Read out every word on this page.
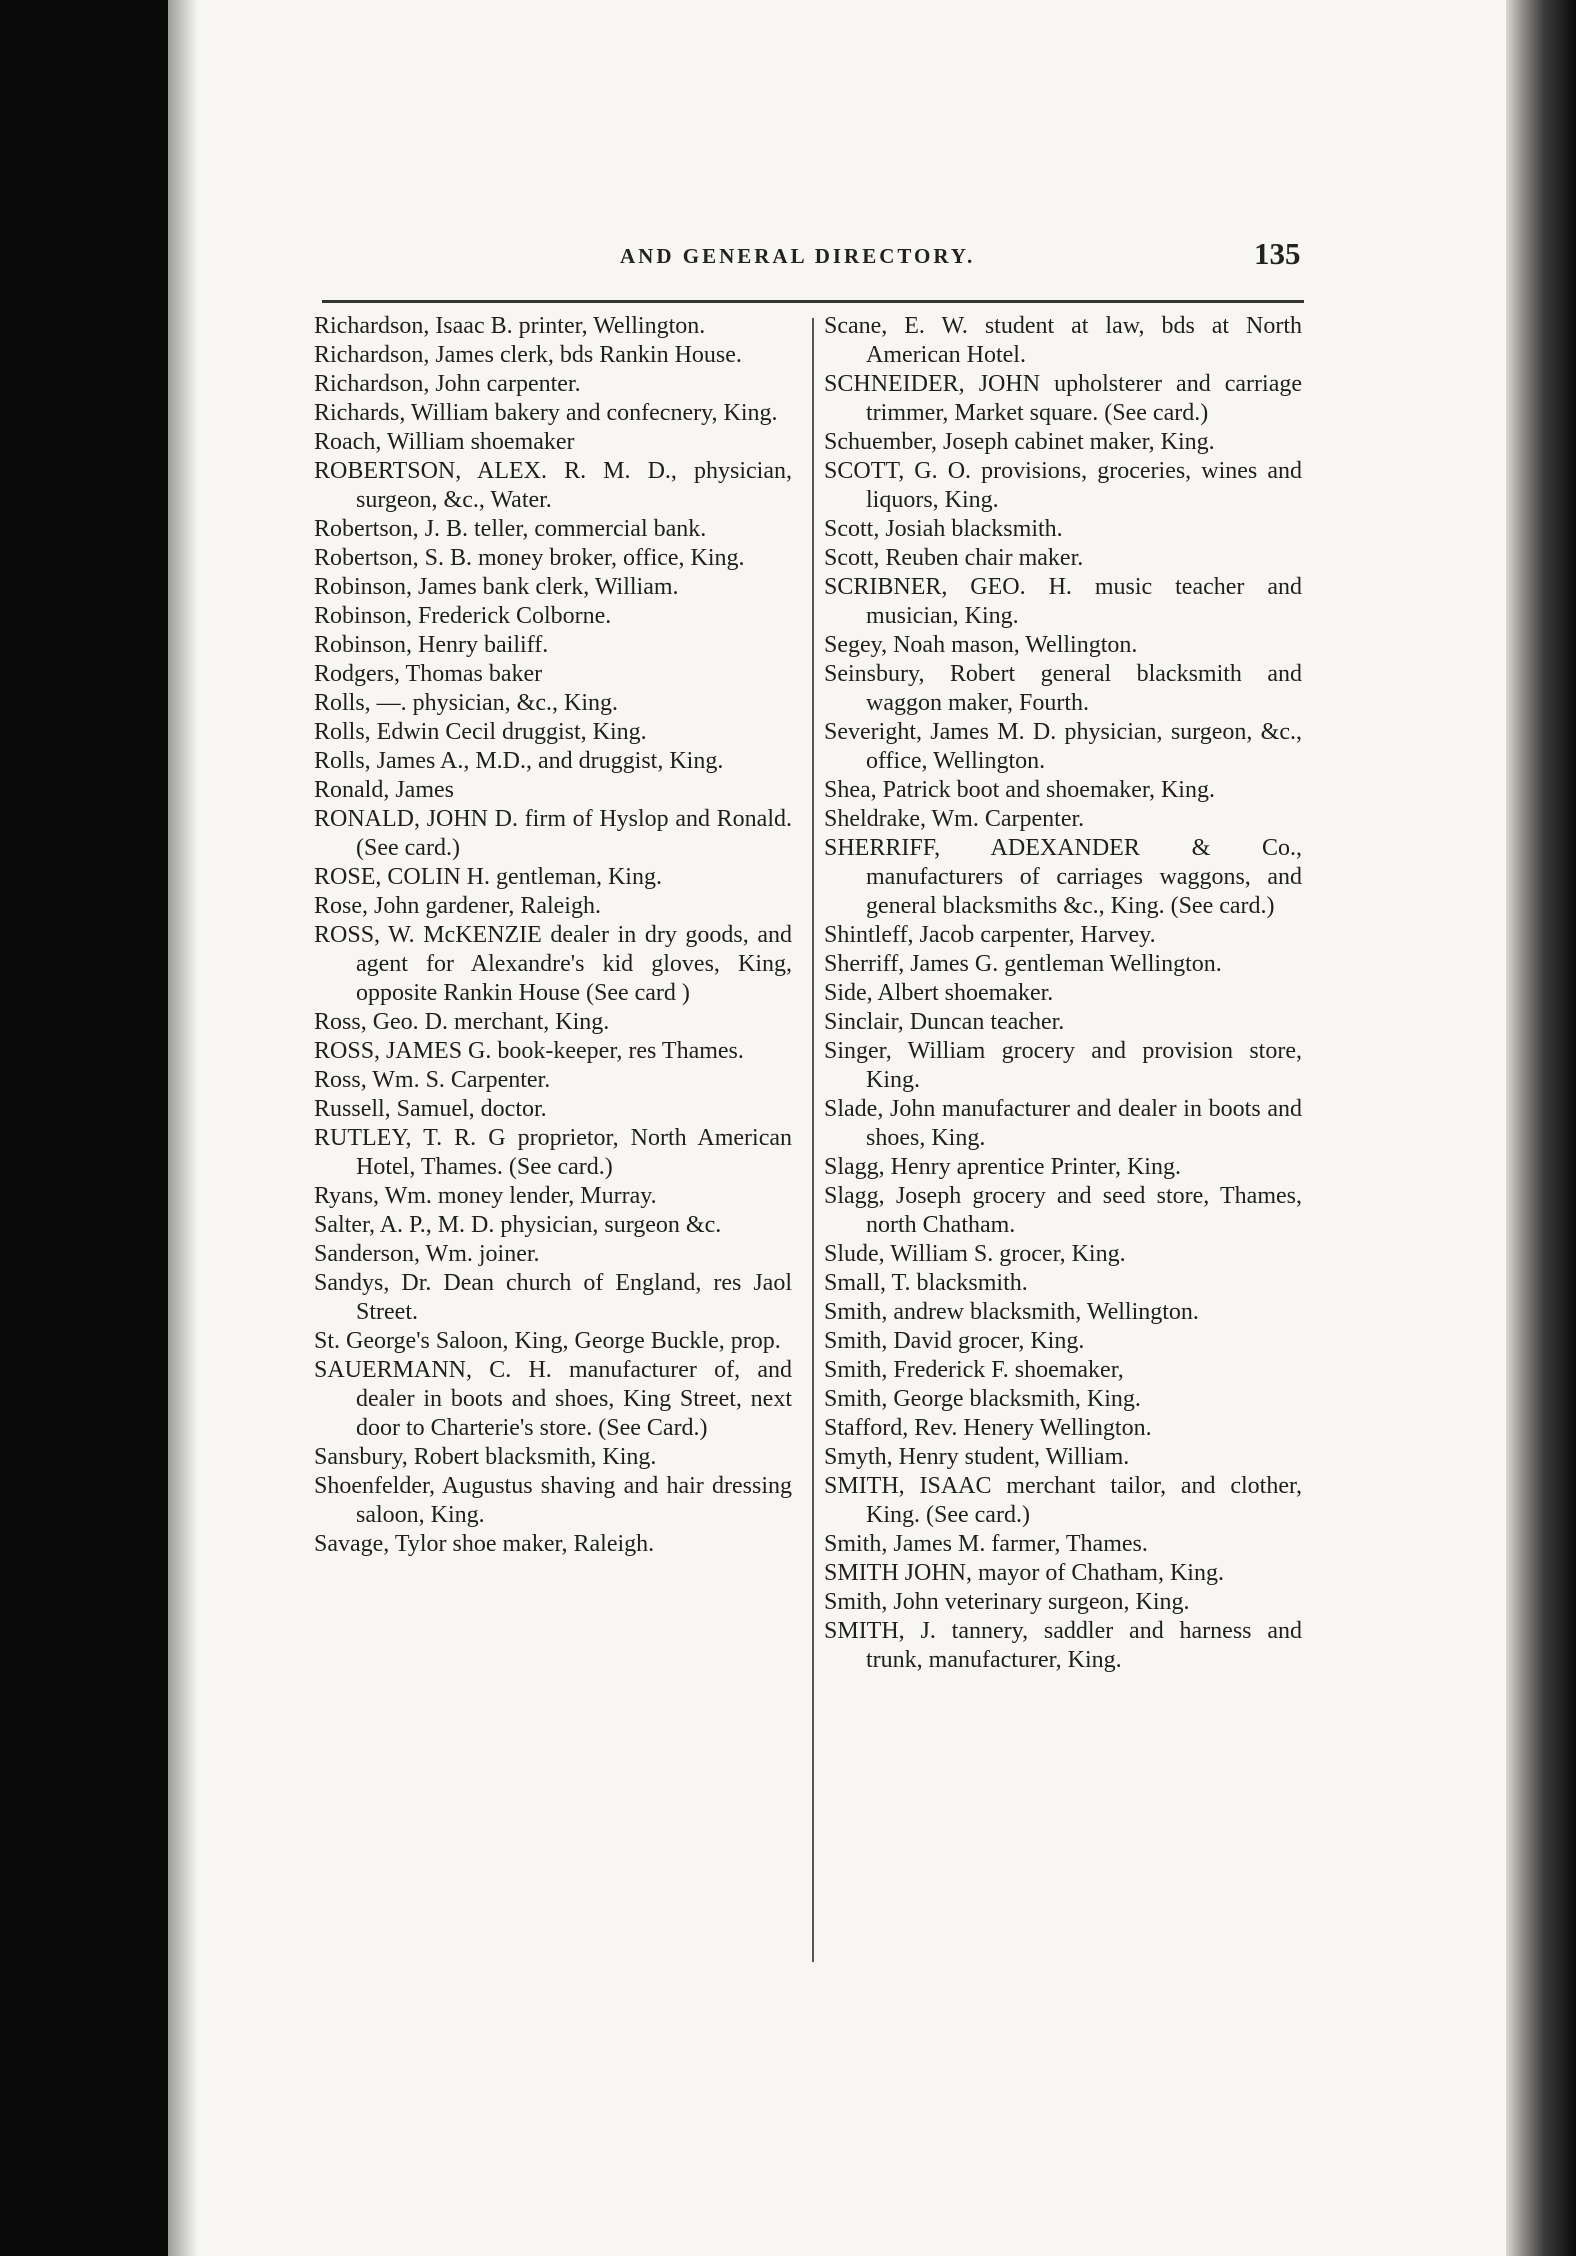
AND GENERAL DIRECTORY.	135
Richardson, Isaac B. printer, Wellington.
Richardson, James clerk, bds Rankin House.
Richardson, John carpenter.
Richards, William bakery and confecnery, King.
Roach, William shoemaker
ROBERTSON, ALEX. R. M. D., physician, surgeon, &c., Water.
Robertson, J. B. teller, commercial bank.
Robertson, S. B. money broker, office, King.
Robinson, James bank clerk, William.
Robinson, Frederick Colborne.
Robinson, Henry bailiff.
Rodgers, Thomas baker
Rolls, —. physician, &c., King.
Rolls, Edwin Cecil druggist, King.
Rolls, James A., M.D., and druggist, King.
Ronald, James
RONALD, JOHN D. firm of Hyslop and Ronald. (See card.)
ROSE, COLIN H. gentleman, King.
Rose, John gardener, Raleigh.
ROSS, W. McKENZIE dealer in dry goods, and agent for Alexandre's kid gloves, King, opposite Rankin House (See card )
Ross, Geo. D. merchant, King.
ROSS, JAMES G. book-keeper, res Thames.
Ross, Wm. S. Carpenter.
Russell, Samuel, doctor.
RUTLEY, T. R. G proprietor, North American Hotel, Thames. (See card.)
Ryans, Wm. money lender, Murray.
Salter, A. P., M. D. physician, surgeon &c.
Sanderson, Wm. joiner.
Sandys, Dr. Dean church of England, res Jaol Street.
St. George's Saloon, King, George Buckle, prop.
SAUERMANN, C. H. manufacturer of, and dealer in boots and shoes, King Street, next door to Charterie's store. (See Card.)
Sansbury, Robert blacksmith, King.
Shoenfelder, Augustus shaving and hair dressing saloon, King.
Savage, Tylor shoe maker, Raleigh.
Scane, E. W. student at law, bds at North American Hotel.
SCHNEIDER, JOHN upholsterer and carriage trimmer, Market square. (See card.)
Schuember, Joseph cabinet maker, King.
SCOTT, G. O. provisions, groceries, wines and liquors, King.
Scott, Josiah blacksmith.
Scott, Reuben chair maker.
SCRIBNER, GEO. H. music teacher and musician, King.
Segey, Noah mason, Wellington.
Seinsbury, Robert general blacksmith and waggon maker, Fourth.
Severight, James M. D. physician, surgeon, &c., office, Wellington.
Shea, Patrick boot and shoemaker, King.
Sheldrake, Wm. Carpenter.
SHERRIFF, ADEXANDER & Co., manufacturers of carriages waggons, and general blacksmiths &c., King. (See card.)
Shintleff, Jacob carpenter, Harvey.
Sherriff, James G. gentleman Wellington.
Side, Albert shoemaker.
Sinclair, Duncan teacher.
Singer, William grocery and provision store, King.
Slade, John manufacturer and dealer in boots and shoes, King.
Slagg, Henry aprentice Printer, King.
Slagg, Joseph grocery and seed store, Thames, north Chatham.
Slude, William S. grocer, King.
Small, T. blacksmith.
Smith, andrew blacksmith, Wellington.
Smith, David grocer, King.
Smith, Frederick F. shoemaker,
Smith, George blacksmith, King.
Stafford, Rev. Henery Wellington.
Smyth, Henry student, William.
SMITH, ISAAC merchant tailor, and clother, King. (See card.)
Smith, James M. farmer, Thames.
SMITH JOHN, mayor of Chatham, King.
Smith, John veterinary surgeon, King.
SMITH, J. tannery, saddler and harness and trunk, manufacturer, King.
